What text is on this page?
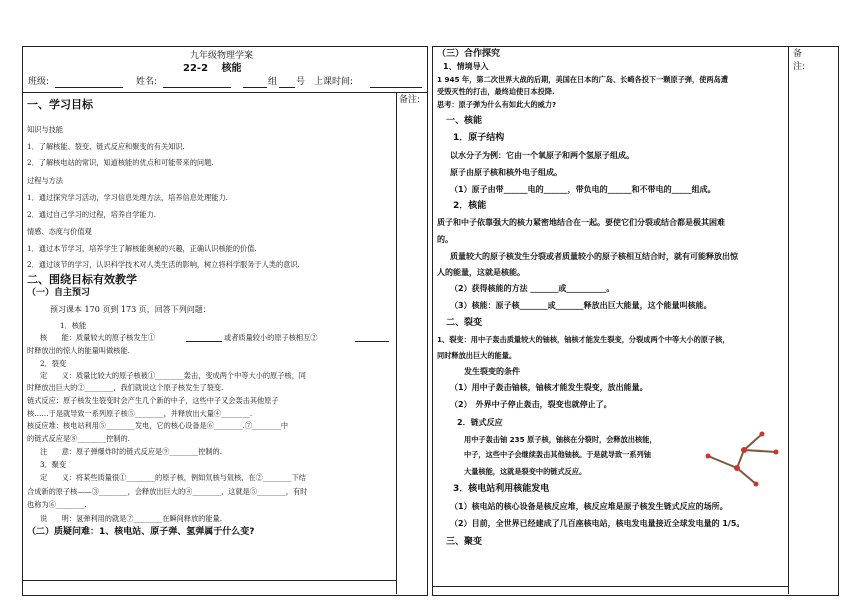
九年级物理学案
22-2　 核能
班级:	姓名:	组 号 上课时间:
备注:
一、学习目标
知识与技能
1．了解核能、裂变、链式反应和聚变的有关知识.
2．了解核电站的常识，知道核能的优点和可能带来的问题.
过程与方法
1．通过探究学习活动，学习信息处理方法，培养信息处理能力.
2．通过自己学习的过程，培养自学能力.
情感、态度与价值观
1．通过本节学习，培养学生了解核能奥秘的兴趣，正确认识核能的价值.
2．通过该节的学习，认识科学技术对人类生活的影响，树立将科学服务于人类的意识.
二、围绕目标有效教学
（一）自主预习
预习课本 170 页到 173 页，回答下列问题：
1．核能
核　　能：质量较大的原子核发生①	或者质量较小的原子核相互②
时释放出的惊人的能量叫做核能.
2．裂变
定　　义：质量比较大的原子核被①________轰击，变成两个中等大小的原子核，同
时释放出巨大的②________，我们就说这个原子核发生了裂变.
链式反应：原子核发生裂变时会产生几个新的中子，这些中子又会轰击其他原子
核……于是就导致一系列原子核⑤________，并释放出大量④________.
核反应堆：核电站利用⑤________发电，它的核心设备是⑥________.⑦________中
的链式反应是⑧________控制的.
注　　意：原子弹爆炸时的链式反应是⑨________控制的.
3．聚变
定　　义：将某些质量很①________的原子核，例如氘核与氚核，在②________下结
合成新的原子核——③________，会释放出巨大的④________，这就是⑤________，有时
也称为⑥________.
说　　明：氢弹利用的就是⑦________在瞬间释放的能量.
（二）质疑问难：1、核电站、原子弹、氢弹属于什么变?
备
注:
（三）合作探究
1、情境导入
1 945 年，第二次世界大战的后期，美国在日本的广岛、长崎各投下一颗原子弹，使两岛遭
受毁灭性的打击，最终迫使日本投降.
思考：原子弹为什么有如此大的威力?
一、核能
1．原子结构
以水分子为例：它由一个氧原子和两个氢原子组成。
原子由原子核和核外电子组成。
（1）原子由带______电的______，带负电的______和不带电的_____组成。
2．核能
质子和中子依靠强大的核力紧密地结合在一起。要使它们分裂或结合都是极其困难
的。
质量较大的原子核发生分裂或者质量较小的原子核相互结合时，就有可能释放出惊
人的能量，这就是核能。
（2）获得核能的方法 _______或__________。
（3）核能：原子核_______或_______释放出巨大能量，这个能量叫核能。
二、裂变
1、裂变：用中子轰击质量较大的铀核，铀核才能发生裂变，分裂成两个中等大小的原子核，
同时释放出巨大的能量。
发生裂变的条件
（1）用中子轰击铀核，铀核才能发生裂变，放出能量。
（2）　外界中子停止轰击，裂变也就停止了。
2．链式反应
用中子轰击铀 235 原子核，铀核在分裂时，会释放出核能，
中子，这些中子会继续轰击其他铀核。于是就导致一系列铀
大量核能，这就是裂变中的链式反应。
3．核电站利用核能发电
（1）核电站的核心设备是核反应堆，核反应堆是原子核发生链式反应的场所。
（2）目前，全世界已经建成了几百座核电站，核电发电量接近全球发电量的 1/5。
三、聚变
